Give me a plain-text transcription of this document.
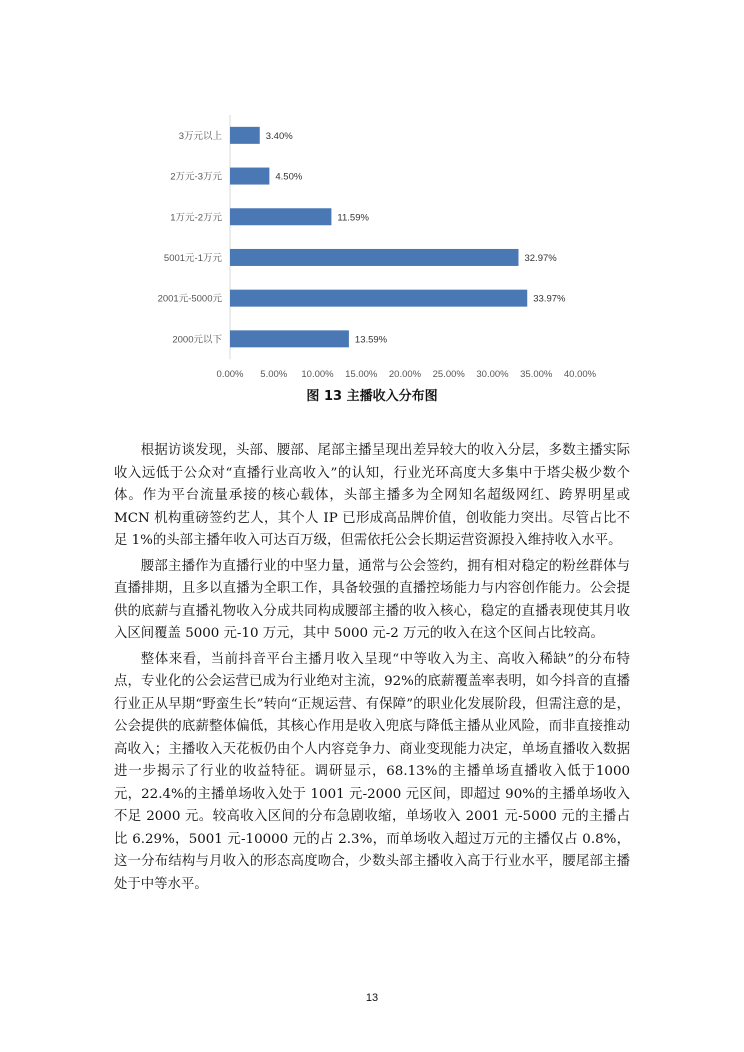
3万元以上	3.40%
2万元-3万元	4.50%
1万元-2万元	11.59%
5001元-1万元	32.97%
2001元-5000元	33.97%
2000元以下	13.59%
0.00% 5.00% 10.00% 15.00% 20.00% 25.00% 30.00% 35.00% 40.00%
图 13 主播收入分布图

根据访谈发现，头部、腰部、尾部主播呈现出差异较大的收入分层，多数主播实际收入远低于公众对“直播行业高收入”的认知，行业光环高度大多集中于塔尖极少数个体。作为平台流量承接的核心载体，头部主播多为全网知名超级网红、跨界明星或MCN 机构重磅签约艺人，其个人 IP 已形成高品牌价值，创收能力突出。尽管占比不足 1%的头部主播年收入可达百万级，但需依托公会长期运营资源投入维持收入水平。

腰部主播作为直播行业的中坚力量，通常与公会签约，拥有相对稳定的粉丝群体与直播排期，且多以直播为全职工作，具备较强的直播控场能力与内容创作能力。公会提供的底薪与直播礼物收入分成共同构成腰部主播的收入核心，稳定的直播表现使其月收入区间覆盖 5000 元-10 万元，其中 5000 元-2 万元的收入在这个区间占比较高。

整体来看，当前抖音平台主播月收入呈现“中等收入为主、高收入稀缺”的分布特点，专业化的公会运营已成为行业绝对主流，92%的底薪覆盖率表明，如今抖音的直播行业正从早期“野蛮生长”转向“正规运营、有保障”的职业化发展阶段，但需注意的是，公会提供的底薪整体偏低，其核心作用是收入兜底与降低主播从业风险，而非直接推动高收入；主播收入天花板仍由个人内容竞争力、商业变现能力决定，单场直播收入数据进一步揭示了行业的收益特征。调研显示，68.13%的主播单场直播收入低于1000 元，22.4%的主播单场收入处于 1001 元-2000 元区间，即超过 90%的主播单场收入不足 2000 元。较高收入区间的分布急剧收缩，单场收入 2001 元-5000 元的主播占比 6.29%，5001 元-10000 元的占 2.3%，而单场收入超过万元的主播仅占 0.8%，这一分布结构与月收入的形态高度吻合，少数头部主播收入高于行业水平，腰尾部主播处于中等水平。

13
